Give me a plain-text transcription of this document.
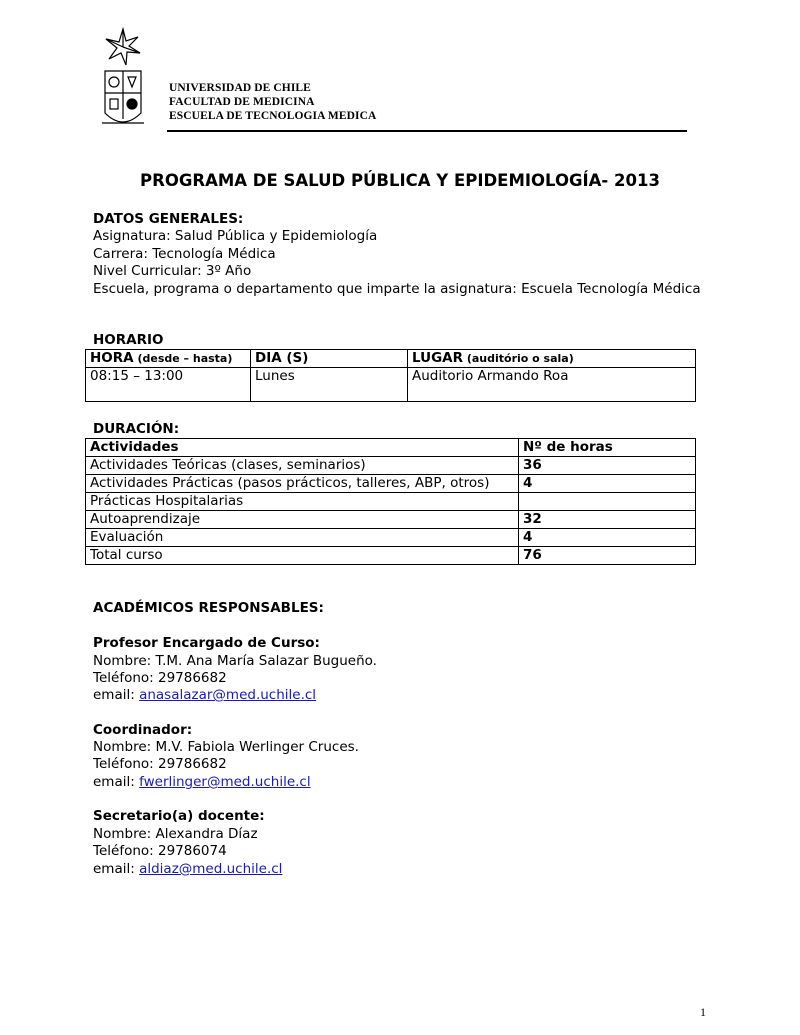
UNIVERSIDAD DE CHILE
FACULTAD DE MEDICINA
ESCUELA DE TECNOLOGIA MEDICA
PROGRAMA DE SALUD PÚBLICA Y EPIDEMIOLOGÍA- 2013
DATOS GENERALES:
Asignatura: Salud Pública y Epidemiología
Carrera: Tecnología Médica
Nivel Curricular: 3º Año
Escuela, programa o departamento que imparte la asignatura: Escuela Tecnología Médica
HORARIO
HORA (desde – hasta)	DIA (S)	LUGAR (auditório o sala)
08:15 – 13:00	Lunes	Auditorio Armando Roa
DURACIÓN:
Actividades	Nº de horas
Actividades Teóricas (clases, seminarios)	36
Actividades Prácticas (pasos prácticos, talleres, ABP, otros)	4
Prácticas Hospitalarias	
Autoaprendizaje	32
Evaluación	4
Total curso	76
ACADÉMICOS RESPONSABLES:
Profesor Encargado de Curso:
Nombre: T.M. Ana María Salazar Bugueño.
Teléfono: 29786682
email: anasalazar@med.uchile.cl
Coordinador:
Nombre: M.V. Fabiola Werlinger Cruces.
Teléfono: 29786682
email: fwerlinger@med.uchile.cl
Secretario(a) docente:
Nombre: Alexandra Díaz
Teléfono: 29786074
email: aldiaz@med.uchile.cl
1
